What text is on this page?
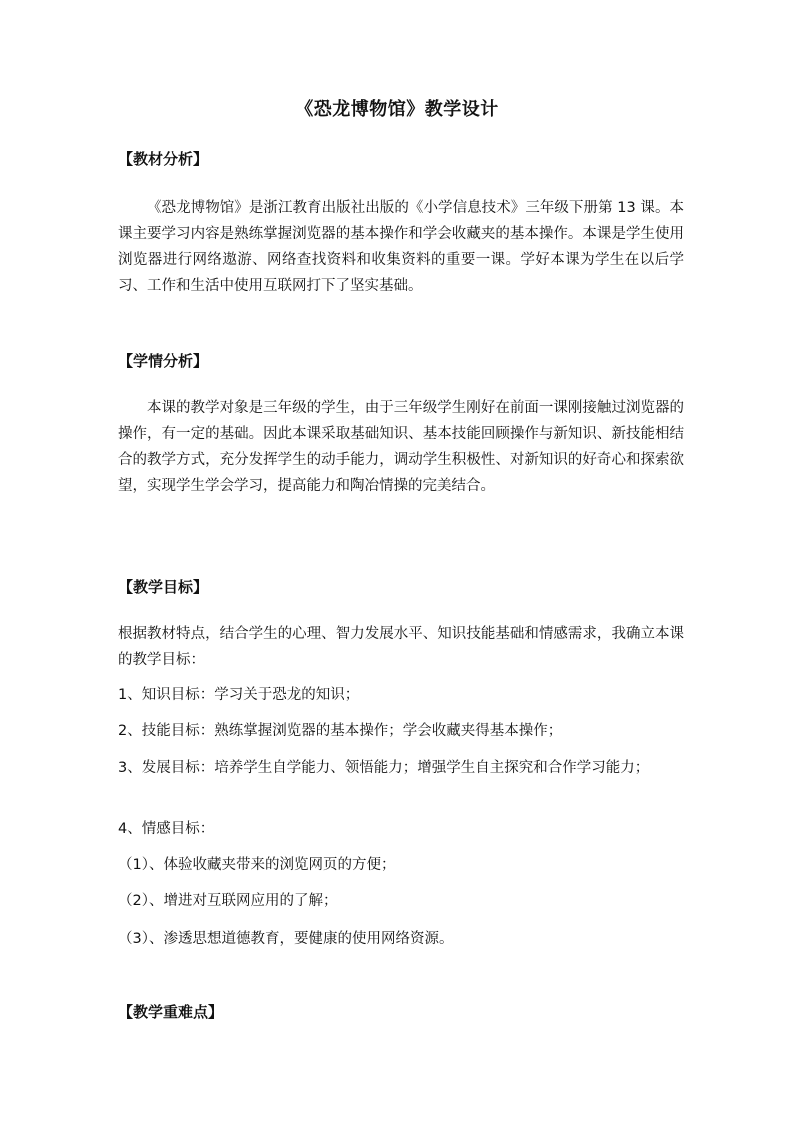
《恐龙博物馆》教学设计
【教材分析】

《恐龙博物馆》是浙江教育出版社出版的《小学信息技术》三年级下册第 13 课。本课主要学习内容是熟练掌握浏览器的基本操作和学会收藏夹的基本操作。本课是学生使用浏览器进行网络遨游、网络查找资料和收集资料的重要一课。学好本课为学生在以后学习、工作和生活中使用互联网打下了坚实基础。

【学情分析】

本课的教学对象是三年级的学生，由于三年级学生刚好在前面一课刚接触过浏览器的操作，有一定的基础。因此本课采取基础知识、基本技能回顾操作与新知识、新技能相结合的教学方式，充分发挥学生的动手能力，调动学生积极性、对新知识的好奇心和探索欲望，实现学生学会学习，提高能力和陶冶情操的完美结合。

【教学目标】

根据教材特点，结合学生的心理、智力发展水平、知识技能基础和情感需求，我确立本课的教学目标：

1、知识目标：学习关于恐龙的知识；
2、技能目标：熟练掌握浏览器的基本操作；学会收藏夹得基本操作；
3、发展目标：培养学生自学能力、领悟能力；增强学生自主探究和合作学习能力；
4、情感目标：
（1）、体验收藏夹带来的浏览网页的方便；
（2）、增进对互联网应用的了解；
（3）、渗透思想道德教育，要健康的使用网络资源。
【教学重难点】
